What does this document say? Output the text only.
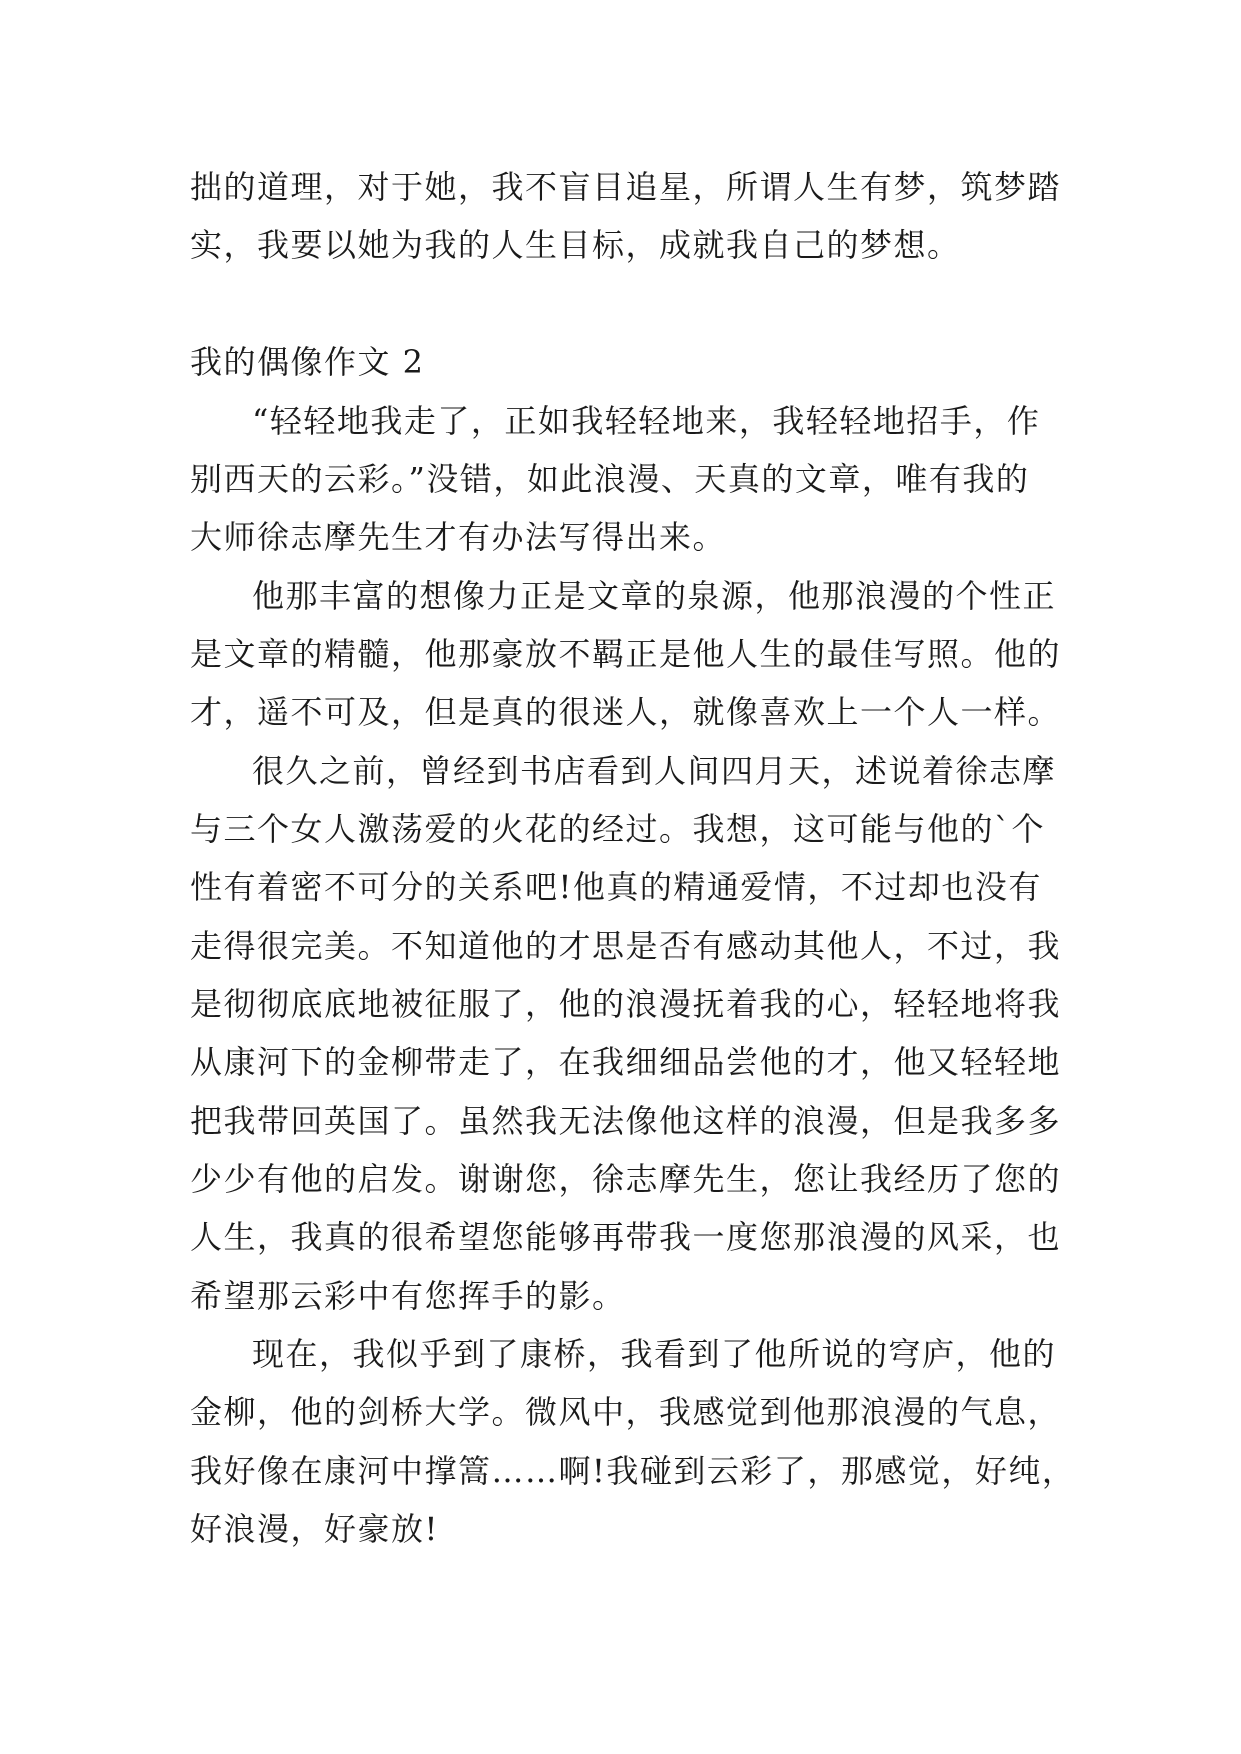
拙的道理，对于她，我不盲目追星，所谓人生有梦，筑梦踏
实，我要以她为我的人生目标，成就我自己的梦想。
我的偶像作文 2
“轻轻地我走了，正如我轻轻地来，我轻轻地招手，作
别西天的云彩。”没错，如此浪漫、天真的文章，唯有我的
大师徐志摩先生才有办法写得出来。
他那丰富的想像力正是文章的泉源，他那浪漫的个性正
是文章的精髓，他那豪放不羁正是他人生的最佳写照。他的
才，遥不可及，但是真的很迷人，就像喜欢上一个人一样。
很久之前，曾经到书店看到人间四月天，述说着徐志摩
与三个女人激荡爱的火花的经过。我想，这可能与他的`个
性有着密不可分的关系吧!他真的精通爱情，不过却也没有
走得很完美。不知道他的才思是否有感动其他人，不过，我
是彻彻底底地被征服了，他的浪漫抚着我的心，轻轻地将我
从康河下的金柳带走了，在我细细品尝他的才，他又轻轻地
把我带回英国了。虽然我无法像他这样的浪漫，但是我多多
少少有他的启发。谢谢您，徐志摩先生，您让我经历了您的
人生，我真的很希望您能够再带我一度您那浪漫的风采，也
希望那云彩中有您挥手的影。
现在，我似乎到了康桥，我看到了他所说的穹庐，他的
金柳，他的剑桥大学。微风中，我感觉到他那浪漫的气息，
我好像在康河中撑篙……啊!我碰到云彩了，那感觉，好纯，
好浪漫，好豪放!
